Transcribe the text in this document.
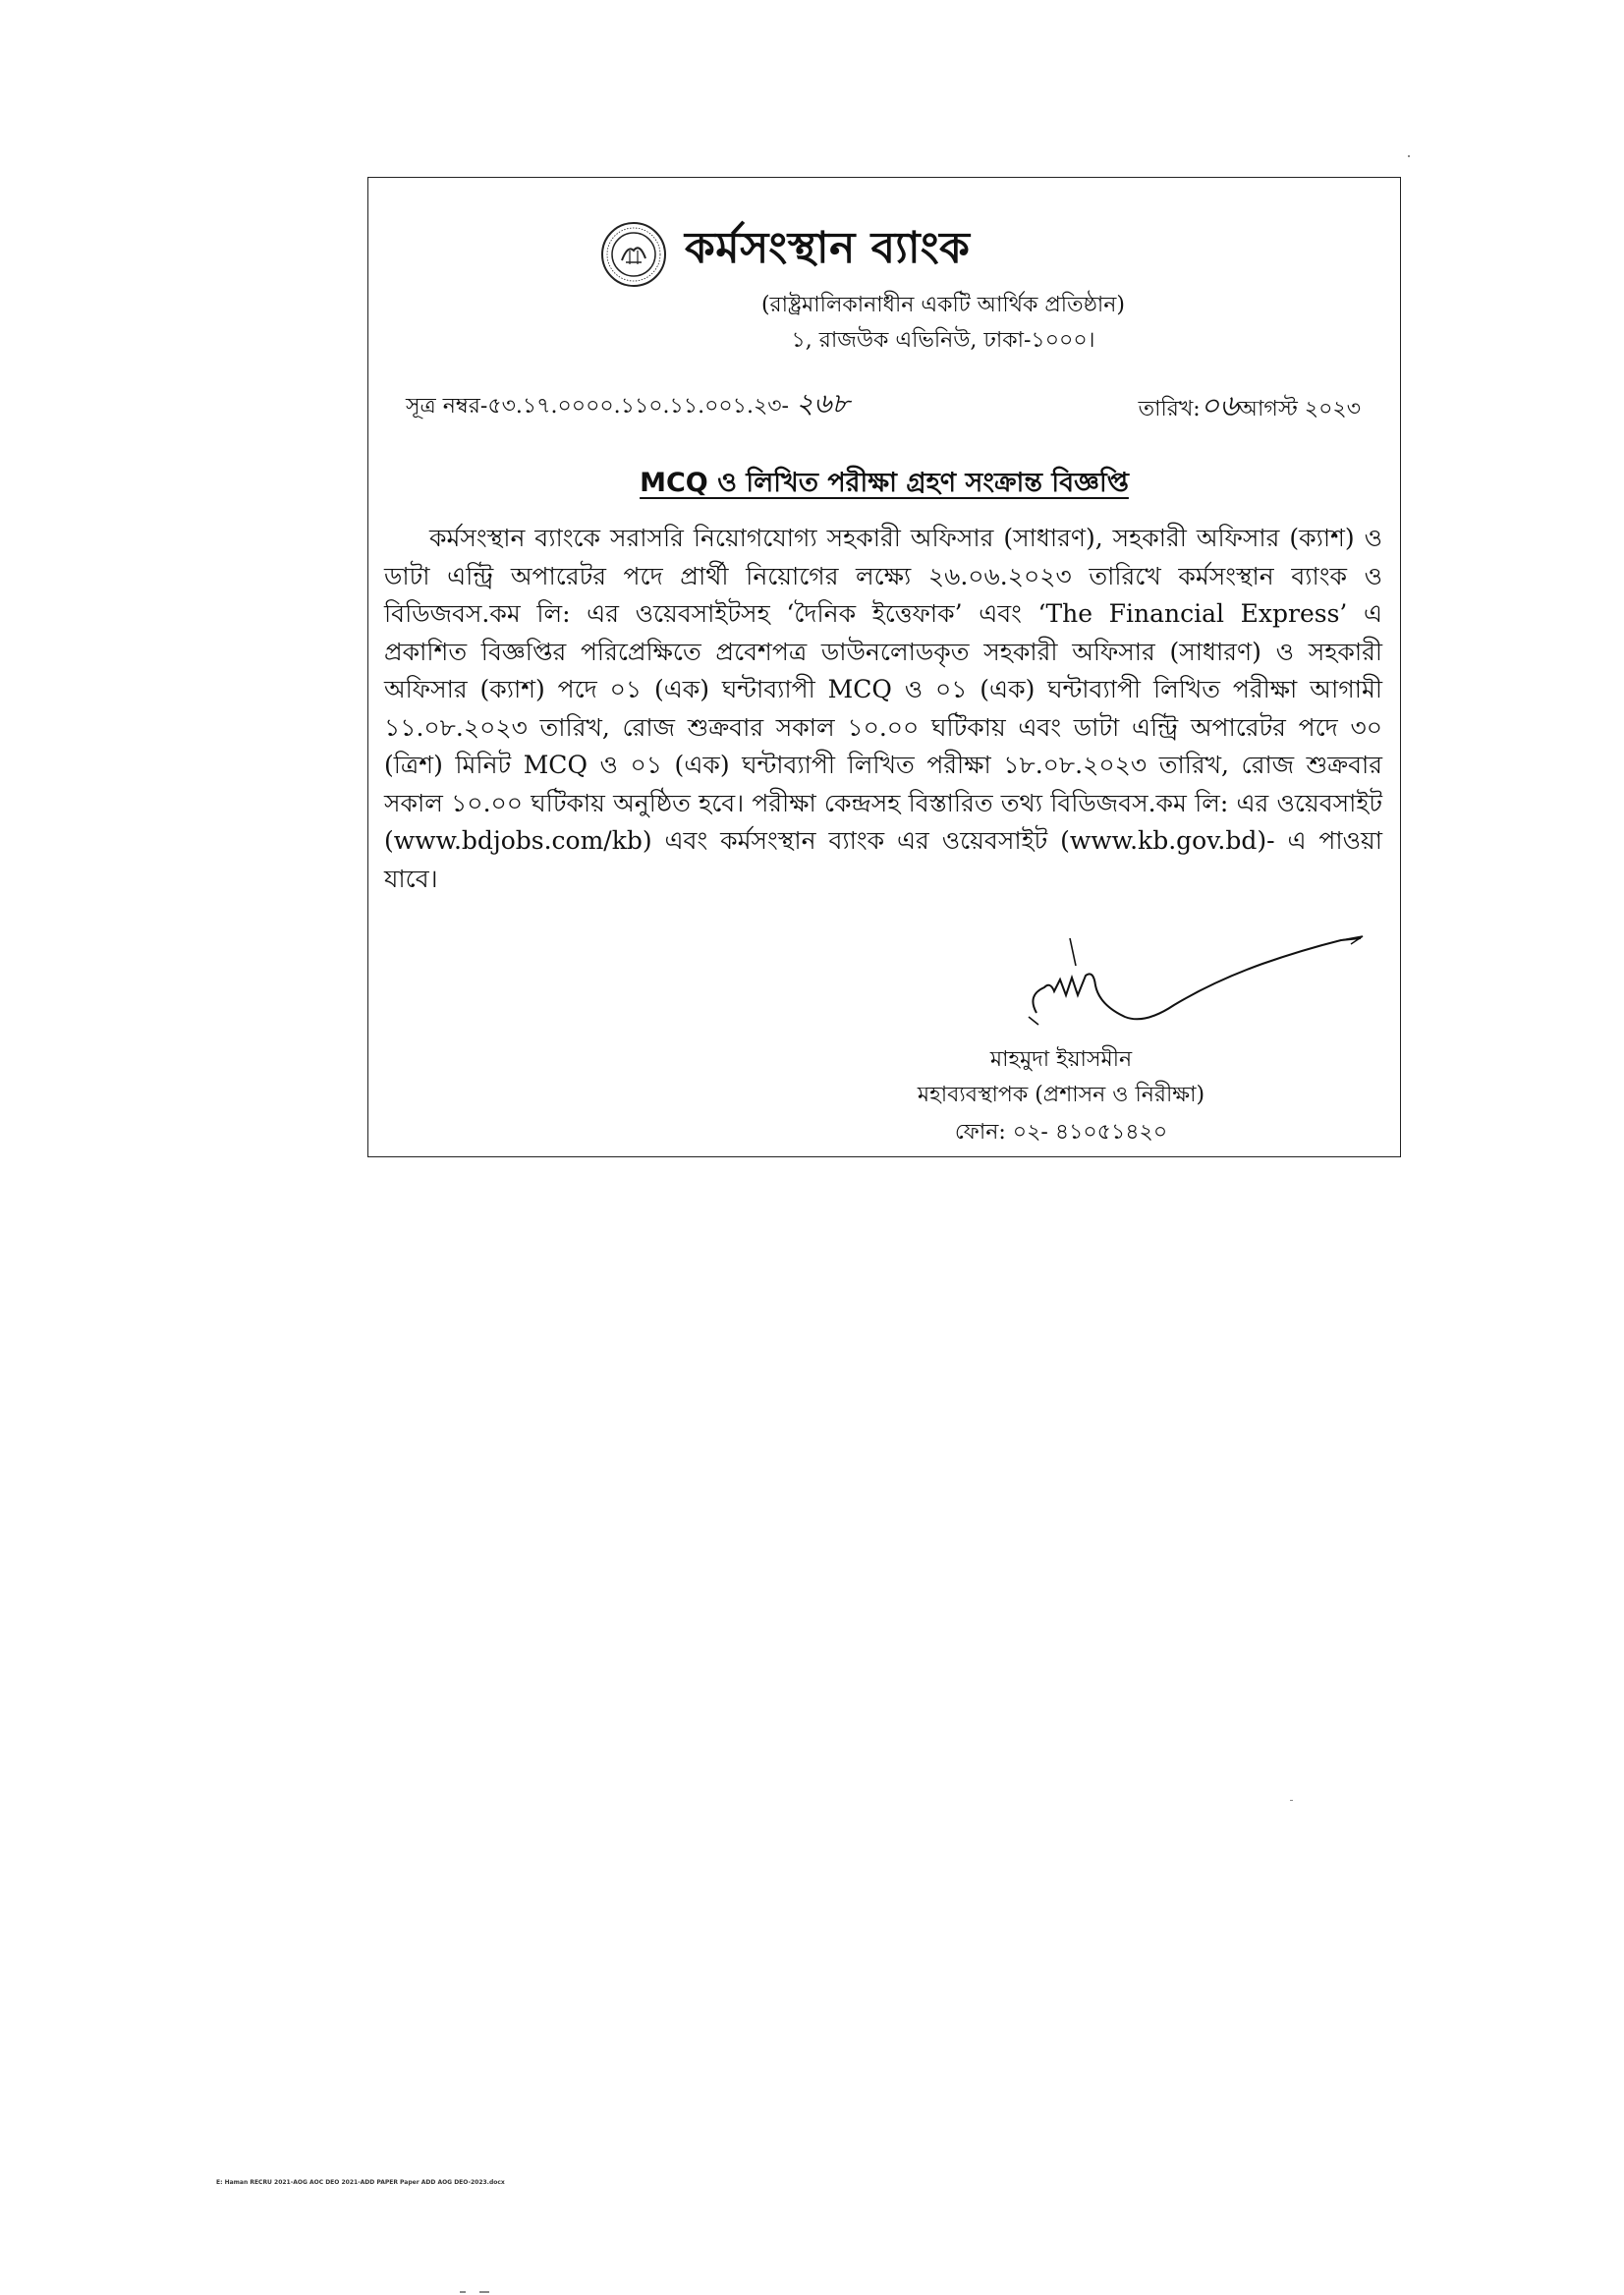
কর্মসংস্থান ব্যাংক
(রাষ্ট্রমালিকানাধীন একটি আর্থিক প্রতিষ্ঠান)
১, রাজউক এভিনিউ, ঢাকা-১০০০।
সূত্র নম্বর-৫৩.১৭.০০০০.১১০.১১.০০১.২৩- ২৬৮	তারিখ:০৬আগস্ট ২০২৩
MCQ ও লিখিত পরীক্ষা গ্রহণ সংক্রান্ত বিজ্ঞপ্তি

কর্মসংস্থান ব্যাংকে সরাসরি নিয়োগযোগ্য সহকারী অফিসার (সাধারণ), সহকারী অফিসার (ক্যাশ) ও ডাটা এন্ট্রি অপারেটর পদে প্রার্থী নিয়োগের লক্ষ্যে ২৬.০৬.২০২৩ তারিখে কর্মসংস্থান ব্যাংক ও বিডিজবস.কম লি: এর ওয়েবসাইটসহ ‘দৈনিক ইত্তেফাক’ এবং ‘The Financial Express’ এ প্রকাশিত বিজ্ঞপ্তির পরিপ্রেক্ষিতে প্রবেশপত্র ডাউনলোডকৃত সহকারী অফিসার (সাধারণ) ও সহকারী অফিসার (ক্যাশ) পদে ০১ (এক) ঘন্টাব্যাপী MCQ ও ০১ (এক) ঘন্টাব্যাপী লিখিত পরীক্ষা আগামী ১১.০৮.২০২৩ তারিখ, রোজ শুক্রবার সকাল ১০.০০ ঘটিকায় এবং ডাটা এন্ট্রি অপারেটর পদে ৩০ (ত্রিশ) মিনিট MCQ ও ০১ (এক) ঘন্টাব্যাপী লিখিত পরীক্ষা ১৮.০৮.২০২৩ তারিখ, রোজ শুক্রবার সকাল ১০.০০ ঘটিকায় অনুষ্ঠিত হবে। পরীক্ষা কেন্দ্রসহ বিস্তারিত তথ্য বিডিজবস.কম লি: এর ওয়েবসাইট (www.bdjobs.com/kb) এবং কর্মসংস্থান ব্যাংক এর ওয়েবসাইট (www.kb.gov.bd)- এ পাওয়া যাবে।

মাহমুদা ইয়াসমীন
মহাব্যবস্থাপক (প্রশাসন ও নিরীক্ষা)
ফোন: ০২- ৪১০৫১৪২০
E: Haman RECRU 2021-AOG AOC DEO 2021-ADD PAPER Paper ADD AOG DEO-2023.docx
